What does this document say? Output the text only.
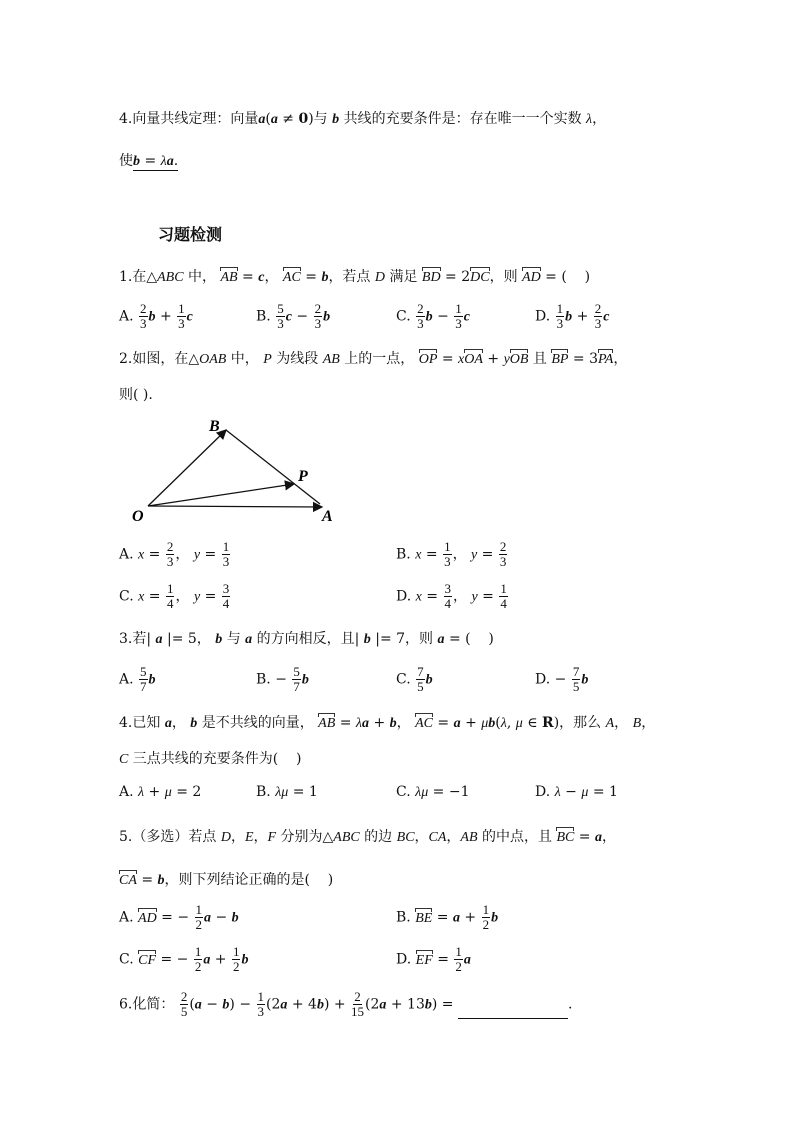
4.向量共线定理：向量a(a ≠ 0)与 b 共线的充要条件是：存在唯一一个实数 λ，
使b = λa.
习题检测
1.在△ABC 中， AB = c， AC = b，若点 D 满足 BD = 2DC，则 AD = (    )
A. $\frac{2}{3}$ $b + \frac{1}{3}$ c	B. $\frac{5}{3}$ $c - \frac{2}{3}$ b	C. $\frac{2}{3}$ $b - \frac{1}{3}$ c	D. $\frac{1}{3}$ $b + \frac{2}{3}$ c
2.如图，在△OAB 中， P 为线段 AB 上的一点， OP = xOA + yOB 且 BP = 3PA，
则( ).
B
P
O	A
A. $x = \frac{2}{3}$ ， $y = \frac{1}{3}$	B. $x = \frac{1}{3}$ ， $y = \frac{2}{3}$
C. $x = \frac{1}{4}$ ， $y = \frac{3}{4}$	D. $x = \frac{3}{4}$ ， $y = \frac{1}{4}$
3.若| a |= 5， b 与 a 的方向相反，且| b |= 7，则 a = (    )
A. $\frac{5}{7}$ b	B. − $\frac{5}{7}$ b	C. $\frac{7}{5}$ b	D. − $\frac{7}{5}$ b
4.已知 a， b 是不共线的向量， AB = λa + b， AC = a + μb(λ, μ ∈ R)，那么 A， B，
C 三点共线的充要条件为(    )
A. λ + μ = 2	B. λμ = 1	C. λμ = −1	D. λ − μ = 1
5.（多选）若点 D，E，F 分别为△ABC 的边 BC，CA，AB 的中点，且 BC = a，
CA = b，则下列结论正确的是(    )
A. AD = − $\frac{1}{2}$ a − b	B. BE = $a + \frac{1}{2}$ b
C. CF = − $\frac{1}{2}$ $a + \frac{1}{2}$ b	D. EF = $\frac{1}{2}$ a
6.化简： $\frac{2}{5} (a - b) - \frac{1}{3} (2a + 4b) + \frac{2}{15} (2a + 13b)$ =	.
